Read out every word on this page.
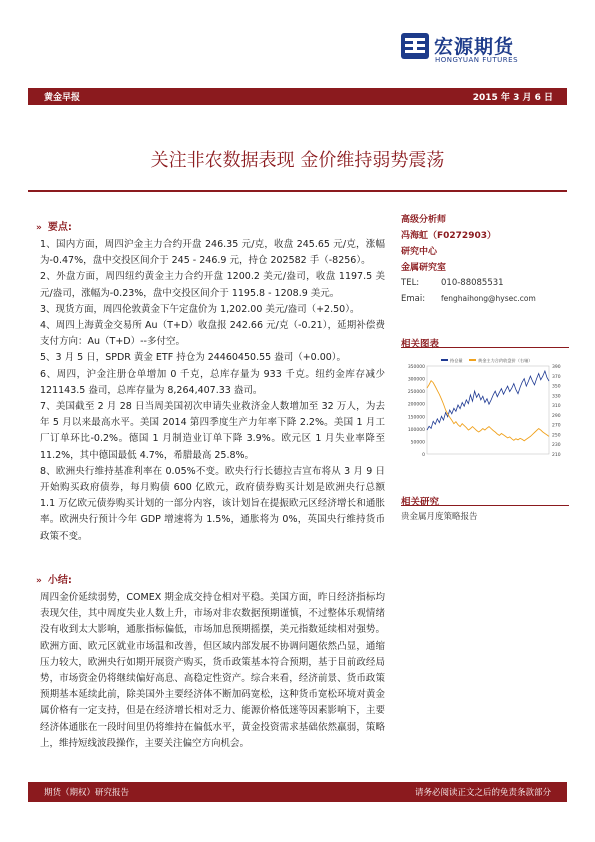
宏源期货
HONGYUAN FUTURES
黄金早报	2015 年 3 月 6 日
关注非农数据表现 金价维持弱势震荡
» 要点:

1、国内方面，周四沪金主力合约开盘 246.35 元/克，收盘 245.65 元/克，涨幅为-0.47%，盘中交投区间介于 245 - 246.9 元，持仓 202582 手（-8256）。

2、外盘方面，周四纽约黄金主力合约开盘 1200.2 美元/盎司，收盘 1197.5 美元/盎司，涨幅为-0.23%，盘中交投区间介于 1195.8 - 1208.9 美元。

3、现货方面，周四伦敦黄金下午定盘价为 1,202.00 美元/盎司（+2.50）。

4、周四上海黄金交易所 Au（T+D）收盘报 242.66 元/克（-0.21），延期补偿费支付方向：Au（T+D）--多付空。

5、3 月 5 日，SPDR 黄金 ETF 持仓为 24460450.55 盎司（+0.00）。

6、周四，沪金注册仓单增加 0 千克，总库存量为 933 千克。纽约金库存减少 121143.5 盎司，总库存量为 8,264,407.33 盎司。

7、美国截至 2 月 28 日当周美国初次申请失业救济金人数增加至 32 万人，为去年 5 月以来最高水平。美国 2014 第四季度生产力年率下降 2.2%。美国 1 月工厂订单环比-0.2%。德国 1 月制造业订单下降 3.9%。欧元区 1 月失业率降至 11.2%，其中德国最低 4.7%，希腊最高 25.8%。

8、欧洲央行维持基准利率在 0.05%不变。欧央行行长德拉吉宣布将从 3 月 9 日开始购买政府债券，每月购债 600 亿欧元，政府债券购买计划是欧洲央行总额 1.1 万亿欧元债券购买计划的一部分内容，该计划旨在提振欧元区经济增长和通胀率。欧洲央行预计今年 GDP 增速将为 1.5%，通胀将为 0%，英国央行维持货币政策不变。

» 小结:
周四金价延续弱势，COMEX 期金成交持仓相对平稳。美国方面，昨日经济指标均表现欠佳，其中周度失业人数上升，市场对非农数据预期谨慎，不过整体乐观情绪没有收到太大影响，通胀指标偏低，市场加息预期摇摆，美元指数延续相对强势。欧洲方面、欧元区就业市场温和改善，但区域内部发展不协调问题依然凸显，通缩压力较大，欧洲央行如期开展资产购买，货币政策基本符合预期，基于目前政经局势，市场资金仍将继续偏好高息、高稳定性资产。综合来看，经济前景、货币政策预期基本延续此前，除美国外主要经济体不断加码宽松，这种货币宽松环境对黄金属价格有一定支持，但是在经济增长相对乏力、能源价格低迷等因素影响下，主要经济体通胀在一段时间里仍将维持在偏低水平，黄金投资需求基础依然羸弱，策略上，维持短线波段操作，主要关注偏空方向机会。
高级分析师
冯海虹（F0272903）
研究中心
金属研究室
TEL:	010-88085531
Emai: fenghaihong@hysec.com
相关图表
350000
300000
250000
200000
150000
100000
50000
0
390
370
350
330
310
290
270
250
230
210
持仓量	黄金主力合约收盘价（右轴）
相关研究
贵金属月度策略报告
期货（期权）研究报告	请务必阅读正文之后的免责条款部分
